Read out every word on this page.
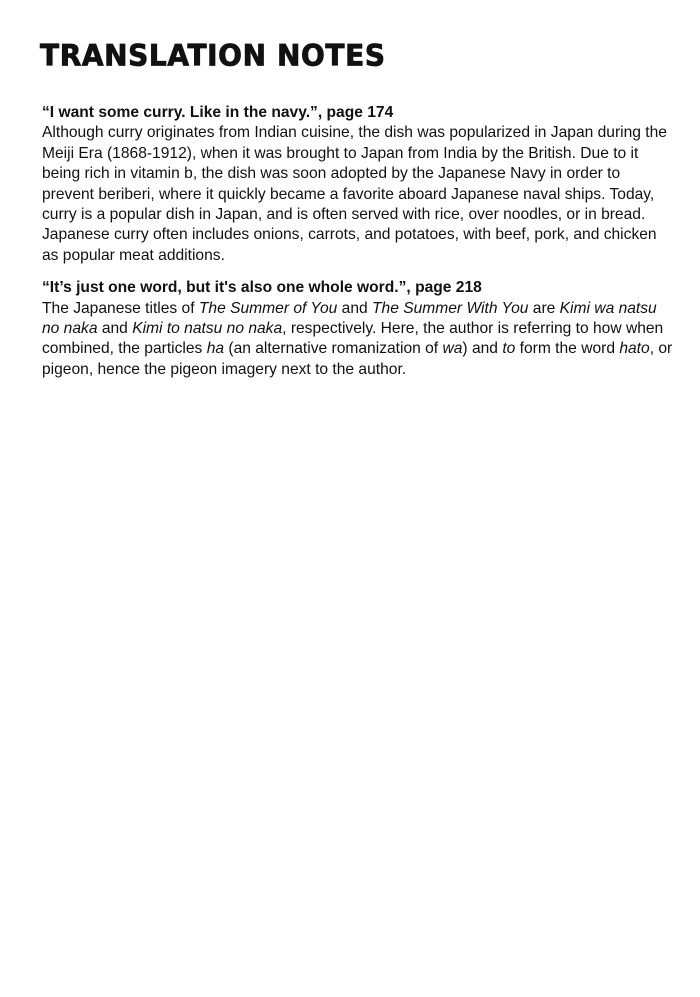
TRANSLATION NOTES

“I want some curry. Like in the navy.”, page 174

Although curry originates from Indian cuisine, the dish was popularized in Japan during the Meiji Era (1868-1912), when it was brought to Japan from India by the British. Due to it being rich in vitamin b, the dish was soon adopted by the Japanese Navy in order to prevent beriberi, where it quickly became a favorite aboard Japanese naval ships. Today, curry is a popular dish in Japan, and is often served with rice, over noodles, or in bread. Japanese curry often includes onions, carrots, and potatoes, with beef, pork, and chicken as popular meat additions.

“It’s just one word, but it's also one whole word.”, page 218

The Japanese titles of The Summer of You and The Summer With You are Kimi wa natsu no naka and Kimi to natsu no naka, respectively. Here, the author is referring to how when combined, the particles ha (an alternative romanization of wa) and to form the word hato, or pigeon, hence the pigeon imagery next to the author.
